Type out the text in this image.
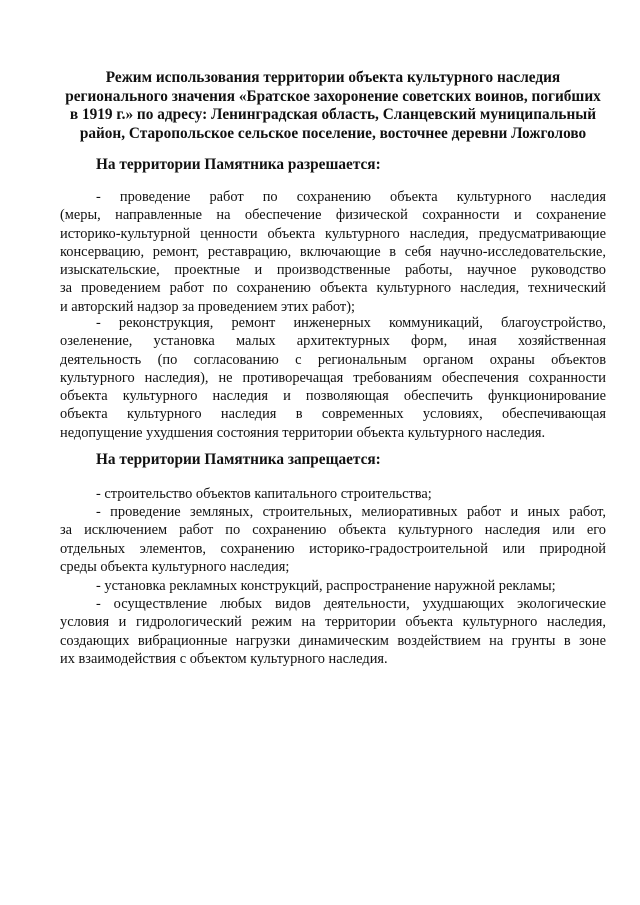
Режим использования территории объекта культурного наследия
регионального значения «Братское захоронение советских воинов, погибших
в 1919 г.» по адресу: Ленинградская область, Сланцевский муниципальный
район, Старопольское сельское поселение, восточнее деревни Ложголово
На территории Памятника разрешается:

- проведение работ по сохранению объекта культурного наследия
(меры, направленные на обеспечение физической сохранности и сохранение
историко-культурной ценности объекта культурного наследия, предусматривающие
консервацию, ремонт, реставрацию, включающие в себя научно-исследовательские,
изыскательские, проектные и производственные работы, научное руководство
за проведением работ по сохранению объекта культурного наследия, технический
и авторский надзор за проведением этих работ);

- реконструкция, ремонт инженерных коммуникаций, благоустройство,
озеленение, установка малых архитектурных форм, иная хозяйственная
деятельность (по согласованию с региональным органом охраны объектов
культурного наследия), не противоречащая требованиям обеспечения сохранности
объекта культурного наследия и позволяющая обеспечить функционирование
объекта культурного наследия в современных условиях, обеспечивающая
недопущение ухудшения состояния территории объекта культурного наследия.

На территории Памятника запрещается:

- строительство объектов капитального строительства;

- проведение земляных, строительных, мелиоративных работ и иных работ,
за исключением работ по сохранению объекта культурного наследия или его
отдельных элементов, сохранению историко-градостроительной или природной
среды объекта культурного наследия;

- установка рекламных конструкций, распространение наружной рекламы;

- осуществление любых видов деятельности, ухудшающих экологические
условия и гидрологический режим на территории объекта культурного наследия,
создающих вибрационные нагрузки динамическим воздействием на грунты в зоне
их взаимодействия с объектом культурного наследия.
